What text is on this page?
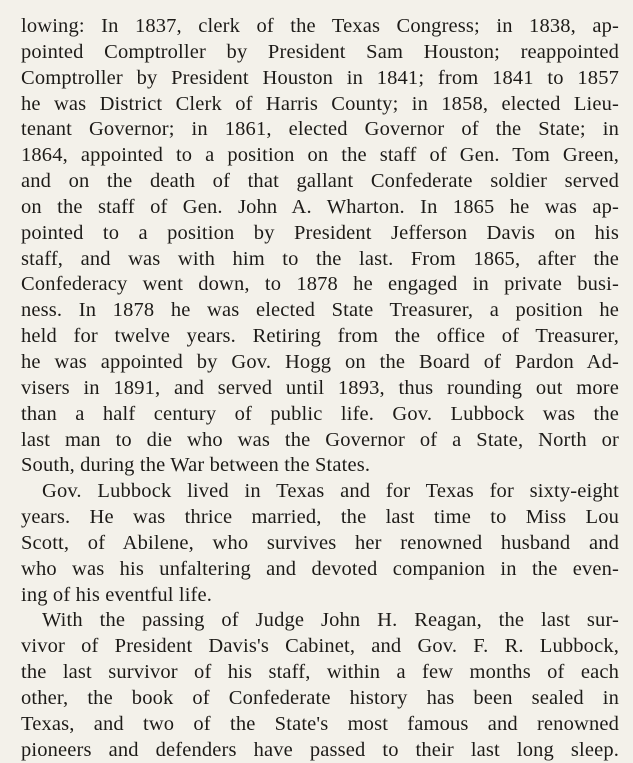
lowing: In 1837, clerk of the Texas Congress; in 1838, ap-
pointed Comptroller by President Sam Houston; reappointed
Comptroller by President Houston in 1841; from 1841 to 1857
he was District Clerk of Harris County; in 1858, elected Lieu-
tenant Governor; in 1861, elected Governor of the State; in
1864, appointed to a position on the staff of Gen. Tom Green,
and on the death of that gallant Confederate soldier served
on the staff of Gen. John A. Wharton. In 1865 he was ap-
pointed to a position by President Jefferson Davis on his
staff, and was with him to the last. From 1865, after the
Confederacy went down, to 1878 he engaged in private busi-
ness. In 1878 he was elected State Treasurer, a position he
held for twelve years. Retiring from the office of Treasurer,
he was appointed by Gov. Hogg on the Board of Pardon Ad-
visers in 1891, and served until 1893, thus rounding out more
than a half century of public life. Gov. Lubbock was the
last man to die who was the Governor of a State, North or
South, during the War between the States.
Gov. Lubbock lived in Texas and for Texas for sixty-eight
years. He was thrice married, the last time to Miss Lou
Scott, of Abilene, who survives her renowned husband and
who was his unfaltering and devoted companion in the even-
ing of his eventful life.
With the passing of Judge John H. Reagan, the last sur-
vivor of President Davis's Cabinet, and Gov. F. R. Lubbock,
the last survivor of his staff, within a few months of each
other, the book of Confederate history has been sealed in
Texas, and two of the State's most famous and renowned
pioneers and defenders have passed to their last long sleep.
